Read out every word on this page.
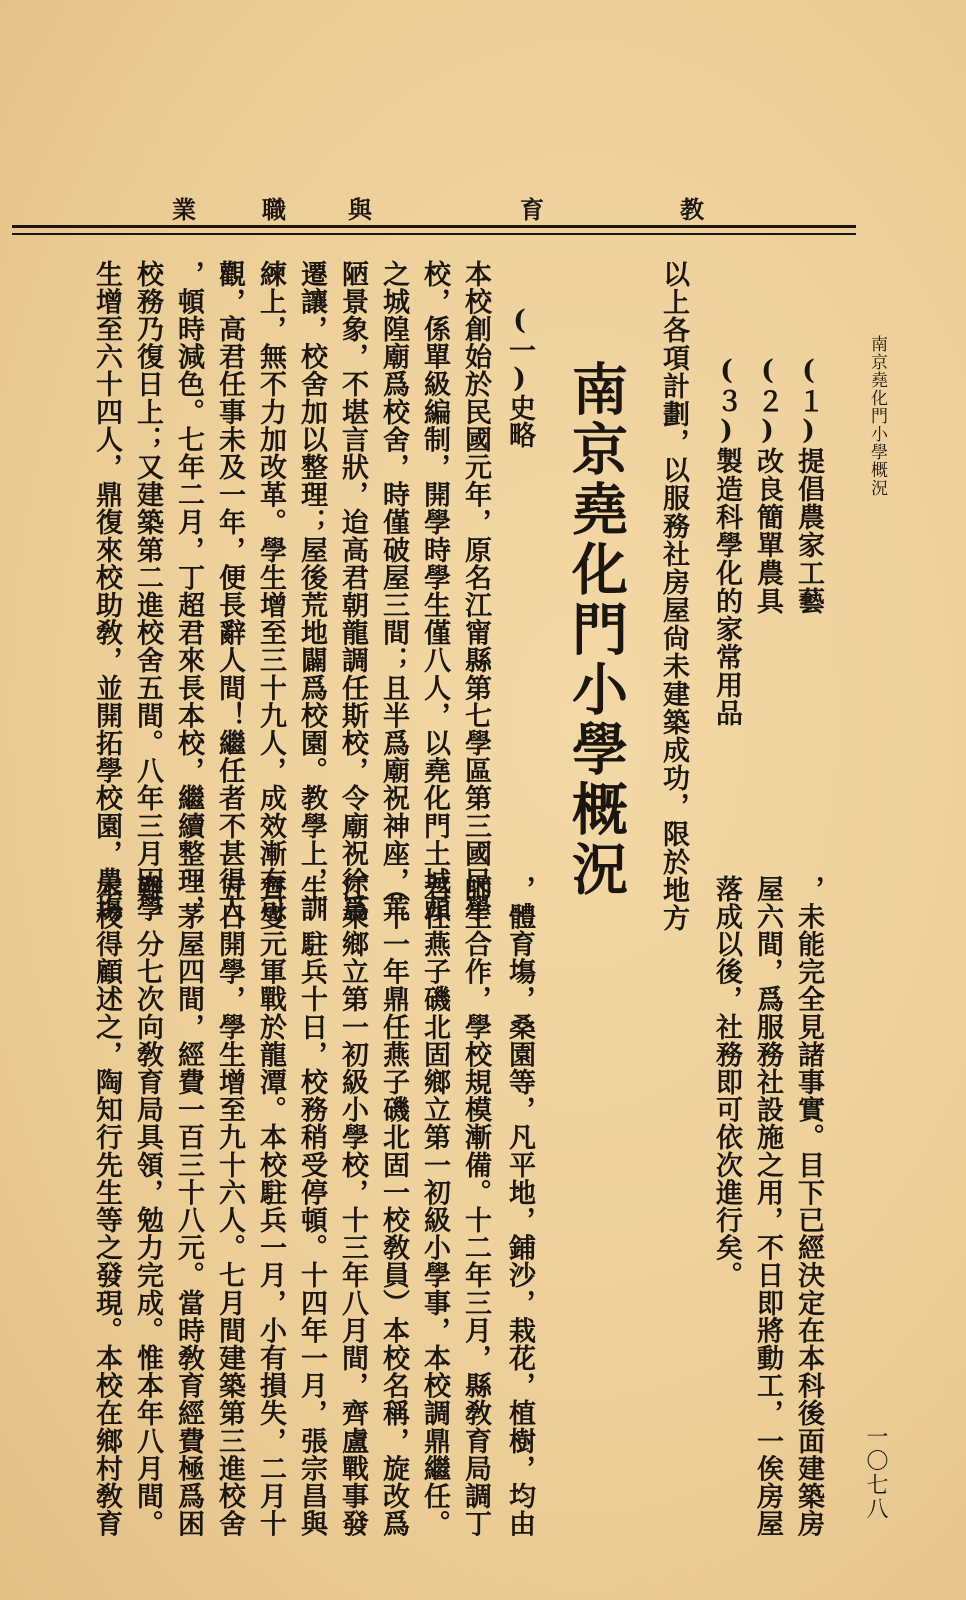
教
育
與
職
業
南京堯化門小學概況
一〇七八
(１)提倡農家工藝
(２)改良簡單農具
(３)製造科學化的家常用品
以上各項計劃，以服務社房屋尙未建築成功，限於地方
南京堯化門小學概況
(一)史略
本校創始於民國元年，原名江甯縣第七學區第三國民學
校，係單級編制，開學時學生僅八人，以堯化門土城頭
之城隍廟爲校舍，時僅破屋三間；且半爲廟祝神座，荒
陋景象，不堪言狀，迨高君朝龍調任斯校，令廟祝徐爲
遷讓，校舍加以整理；屋後荒地闢爲校園。教學上，訓
練上，無不力加改革。學生增至三十九人，成效漸有可
觀，高君任事未及一年，便長辭人間！繼任者不甚得人
，頓時減色。七年二月，丁超君來長本校，繼續整理，
校務乃復日上；又建築第二進校舍五間。八年三月因學
生增至六十四人，鼎復來校助敎，並開拓學校園，農塲
，未能完全見諸事實。目下已經決定在本科後面建築房
屋六間，爲服務社設施之用，不日即將動工，一俟房屋
落成以後，社務即可依次進行矣。
，體育塲，桑園等，凡平地，鋪沙，栽花，植樹，均由
師生合作，學校規模漸備。十二年三月，縣敎育局調丁
君任燕子磯北固鄉立第一初級小學事，本校調鼎繼任。
（十一年鼎任燕子磯北固一校敎員）本校名稱，旋改爲
江乘鄉立第一初級小學校，十三年八月間，齊盧戰事發
生。駐兵十日，校務稍受停頓。十四年一月，張宗昌與
齊燮元軍戰於龍潭。本校駐兵一月，小有損失，二月十
五日開學，學生增至九十六人。七月間建築第三進校舍
，茅屋四間，經費一百三十八元。當時敎育經費極爲困
難，分七次向敎育局具領，勉力完成。惟本年八月間。
本校得顧述之，陶知行先生等之發現。本校在鄉村敎育
